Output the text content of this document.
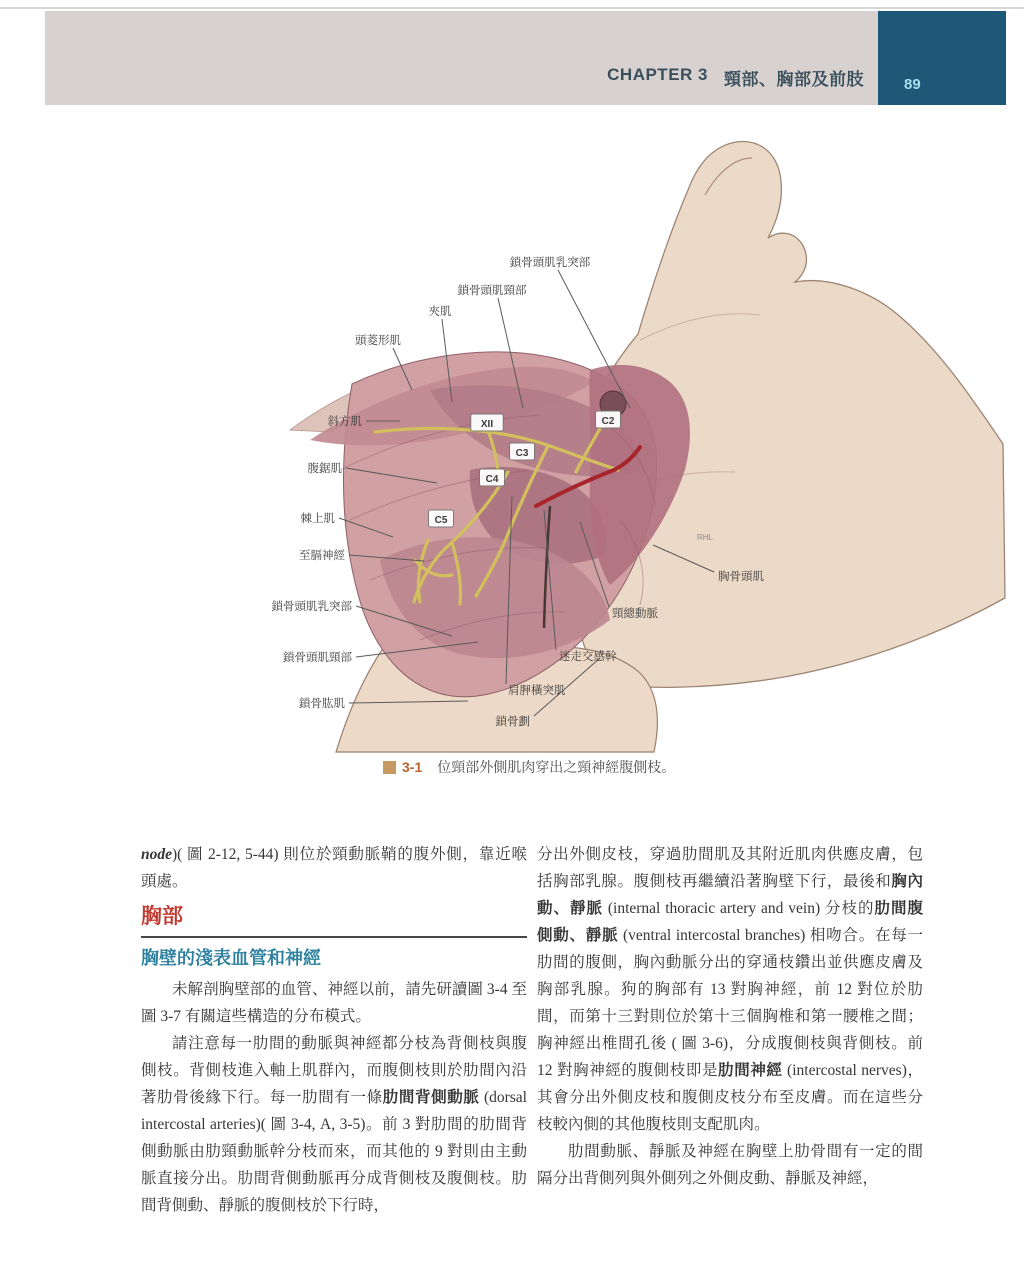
CHAPTER 3 頸部、胸部及前肢	89
鎖骨頭肌乳突部
鎖骨頭肌頸部
夾肌
頭菱形肌
斜方肌
腹鋸肌
棘上肌
至膈神經
鎖骨頭肌乳突部
鎖骨頭肌頸部
鎖骨肱肌
鎖骨劃
胸骨頭肌
頸總動脈
迷走交感幹
肩胛橫突肌
XII	C2
C3
C4
C5
RHL
3-1 位頸部外側肌肉穿出之頸神經腹側枝。

node)( 圖 2-12, 5-44) 則位於頸動脈鞘的腹外側，靠近喉頭處。

胸部
胸壁的淺表血管和神經

未解剖胸壁部的血管、神經以前，請先研讀圖 3-4 至圖 3-7 有關這些構造的分布模式。

請注意每一肋間的動脈與神經都分枝為背側枝與腹側枝。背側枝進入軸上肌群內，而腹側枝則於肋間內沿著肋骨後緣下行。每一肋間有一條肋間背側動脈 (dorsal intercostal arteries)( 圖 3-4, A, 3-5)。前 3 對肋間的肋間背側動脈由肋頸動脈幹分枝而來，而其他的 9 對則由主動脈直接分出。肋間背側動脈再分成背側枝及腹側枝。肋間背側動、靜脈的腹側枝於下行時，

分出外側皮枝，穿過肋間肌及其附近肌肉供應皮膚，包括胸部乳腺。腹側枝再繼續沿著胸壁下行，最後和胸內動、靜脈 (internal thoracic artery and vein) 分枝的肋間腹側動、靜脈 (ventral intercostal branches) 相吻合。在每一肋間的腹側，胸內動脈分出的穿通枝鑽出並供應皮膚及胸部乳腺。狗的胸部有 13 對胸神經，前 12 對位於肋間，而第十三對則位於第十三個胸椎和第一腰椎之間；胸神經出椎間孔後 ( 圖 3-6)，分成腹側枝與背側枝。前 12 對胸神經的腹側枝即是肋間神經 (intercostal nerves)，其會分出外側皮枝和腹側皮枝分布至皮膚。而在這些分枝較內側的其他腹枝則支配肌肉。

肋間動脈、靜脈及神經在胸壁上肋骨間有一定的間隔分出背側列與外側列之外側皮動、靜脈及神經，
